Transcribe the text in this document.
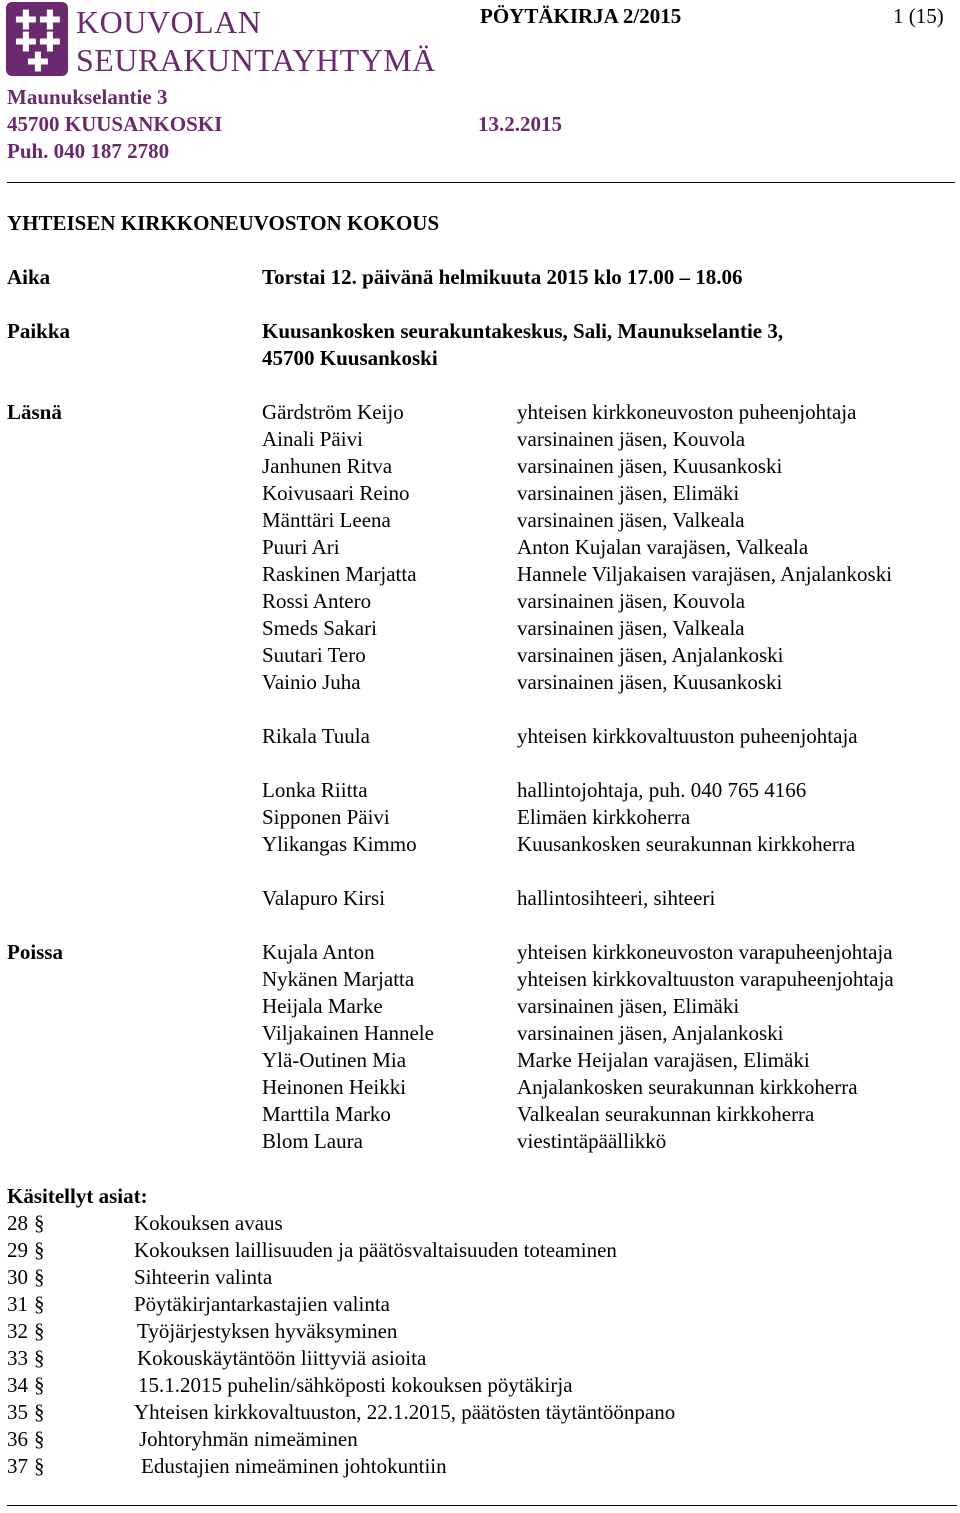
✚ ✚
✚ ✚
✚
KOUVOLAN
SEURAKUNTAYHTYMÄ
PÖYTÄKIRJA 2/2015	1 (15)
Maunukselantie 3
45700 KUUSANKOSKI	13.2.2015
Puh. 040 187 2780
YHTEISEN KIRKKONEUVOSTON KOKOUS
Aika	Torstai 12. päivänä helmikuuta 2015 klo 17.00 – 18.06
Paikka	Kuusankosken seurakuntakeskus, Sali, Maunukselantie 3,
45700 Kuusankoski
Läsnä	Gärdström Keijo	yhteisen kirkkoneuvoston puheenjohtaja
Ainali Päivi	varsinainen jäsen, Kouvola
Janhunen Ritva	varsinainen jäsen, Kuusankoski
Koivusaari Reino	varsinainen jäsen, Elimäki
Mänttäri Leena	varsinainen jäsen, Valkeala
Puuri Ari	Anton Kujalan varajäsen, Valkeala
Raskinen Marjatta	Hannele Viljakaisen varajäsen, Anjalankoski
Rossi Antero	varsinainen jäsen, Kouvola
Smeds Sakari	varsinainen jäsen, Valkeala
Suutari Tero	varsinainen jäsen, Anjalankoski
Vainio Juha	varsinainen jäsen, Kuusankoski
Rikala Tuula	yhteisen kirkkovaltuuston puheenjohtaja
Lonka Riitta	hallintojohtaja, puh. 040 765 4166
Sipponen Päivi	Elimäen kirkkoherra
Ylikangas Kimmo	Kuusankosken seurakunnan kirkkoherra
Valapuro Kirsi	hallintosihteeri, sihteeri
Poissa	Kujala Anton	yhteisen kirkkoneuvoston varapuheenjohtaja
Nykänen Marjatta	yhteisen kirkkovaltuuston varapuheenjohtaja
Heijala Marke	varsinainen jäsen, Elimäki
Viljakainen Hannele	varsinainen jäsen, Anjalankoski
Ylä-Outinen Mia	Marke Heijalan varajäsen, Elimäki
Heinonen Heikki	Anjalankosken seurakunnan kirkkoherra
Marttila Marko	Valkealan seurakunnan kirkkoherra
Blom Laura	viestintäpäällikkö
Käsitellyt asiat:
28 §	Kokouksen avaus
29 §	Kokouksen laillisuuden ja päätösvaltaisuuden toteaminen
30 §	Sihteerin valinta
31 §	Pöytäkirjantarkastajien valinta
32 §	Työjärjestyksen hyväksyminen
33 §	Kokouskäytäntöön liittyviä asioita
34 §	15.1.2015 puhelin/sähköposti kokouksen pöytäkirja
35 §	Yhteisen kirkkovaltuuston, 22.1.2015, päätösten täytäntöönpano
36 §	Johtoryhmän nimeäminen
37 §	Edustajien nimeäminen johtokuntiin
